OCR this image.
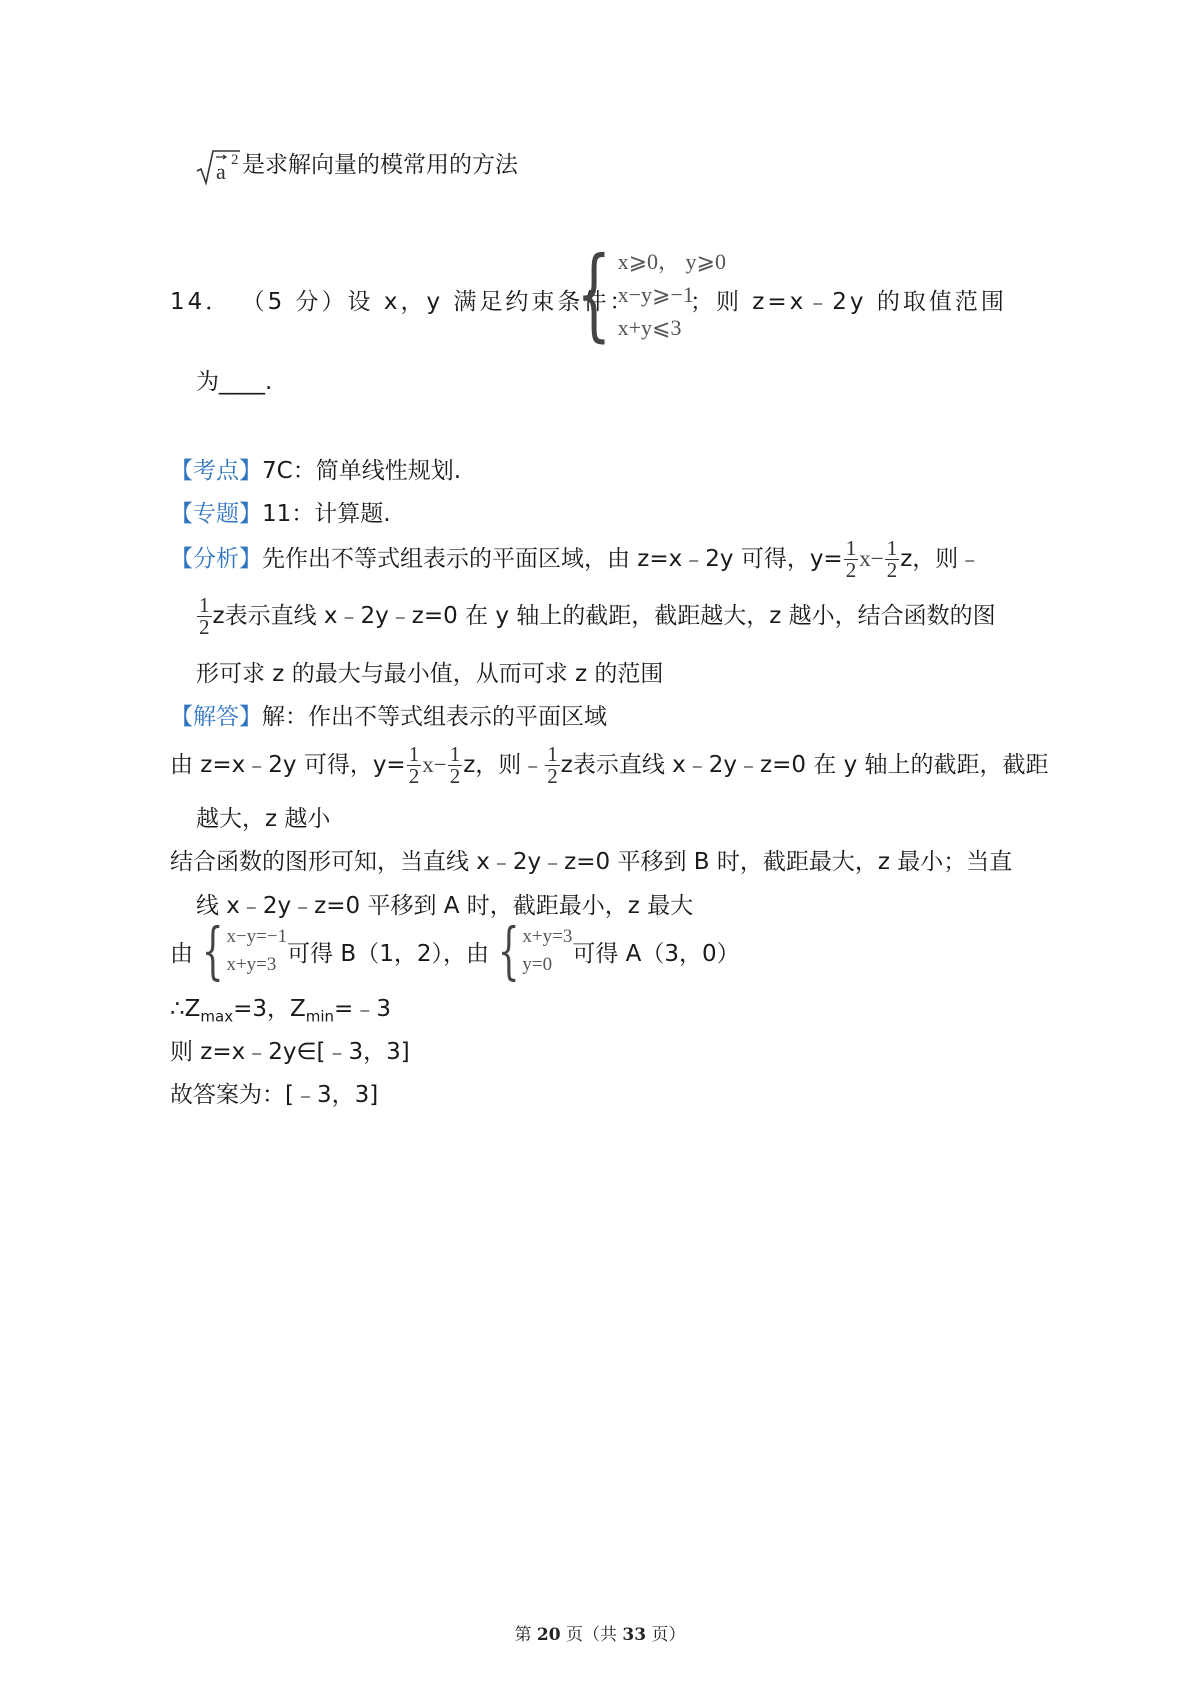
a 2 是求解向量的模常用的方法
14． （5 分）设 x，y 满足约束条件：
{ x⩾0， y⩾0
x−y⩾−1
x+y⩽3
；则 z=x﹣2y 的取值范围
为____.
【考点】7C：简单线性规划.
【专题】11：计算题.
【分析】先作出不等式组表示的平面区域，由 z=x﹣2y 可得，$y= \frac{1}{2} x- \frac{1}{2}$ z，则﹣
$\frac{1}{2}$ z表示直线 x﹣2y﹣z=0 在 y 轴上的截距，截距越大，z 越小，结合函数的图
形可求 z 的最大与最小值，从而可求 z 的范围
【解答】解：作出不等式组表示的平面区域
由 z=x﹣2y 可得，$y= \frac{1}{2} x- \frac{1}{2}$ z，则﹣ $\frac{1}{2}$ z表示直线 x﹣2y﹣z=0 在 y 轴上的截距，截距
越大，z 越小
结合函数的图形可知，当直线 x﹣2y﹣z=0 平移到 B 时，截距最大，z 最小；当直
线 x﹣2y﹣z=0 平移到 A 时，截距最小，z 最大
由 { x−y=−1
x+y=3 可得 B（1，2），由 { x+y=3
y=0 可得 A（3，0）
$\therefore Z_{max}=3$，$Z_{min}=﹣3$
则 z=x﹣2y∈[﹣3，3]
故答案为：[﹣3，3]
第 20 页（共 33 页）
